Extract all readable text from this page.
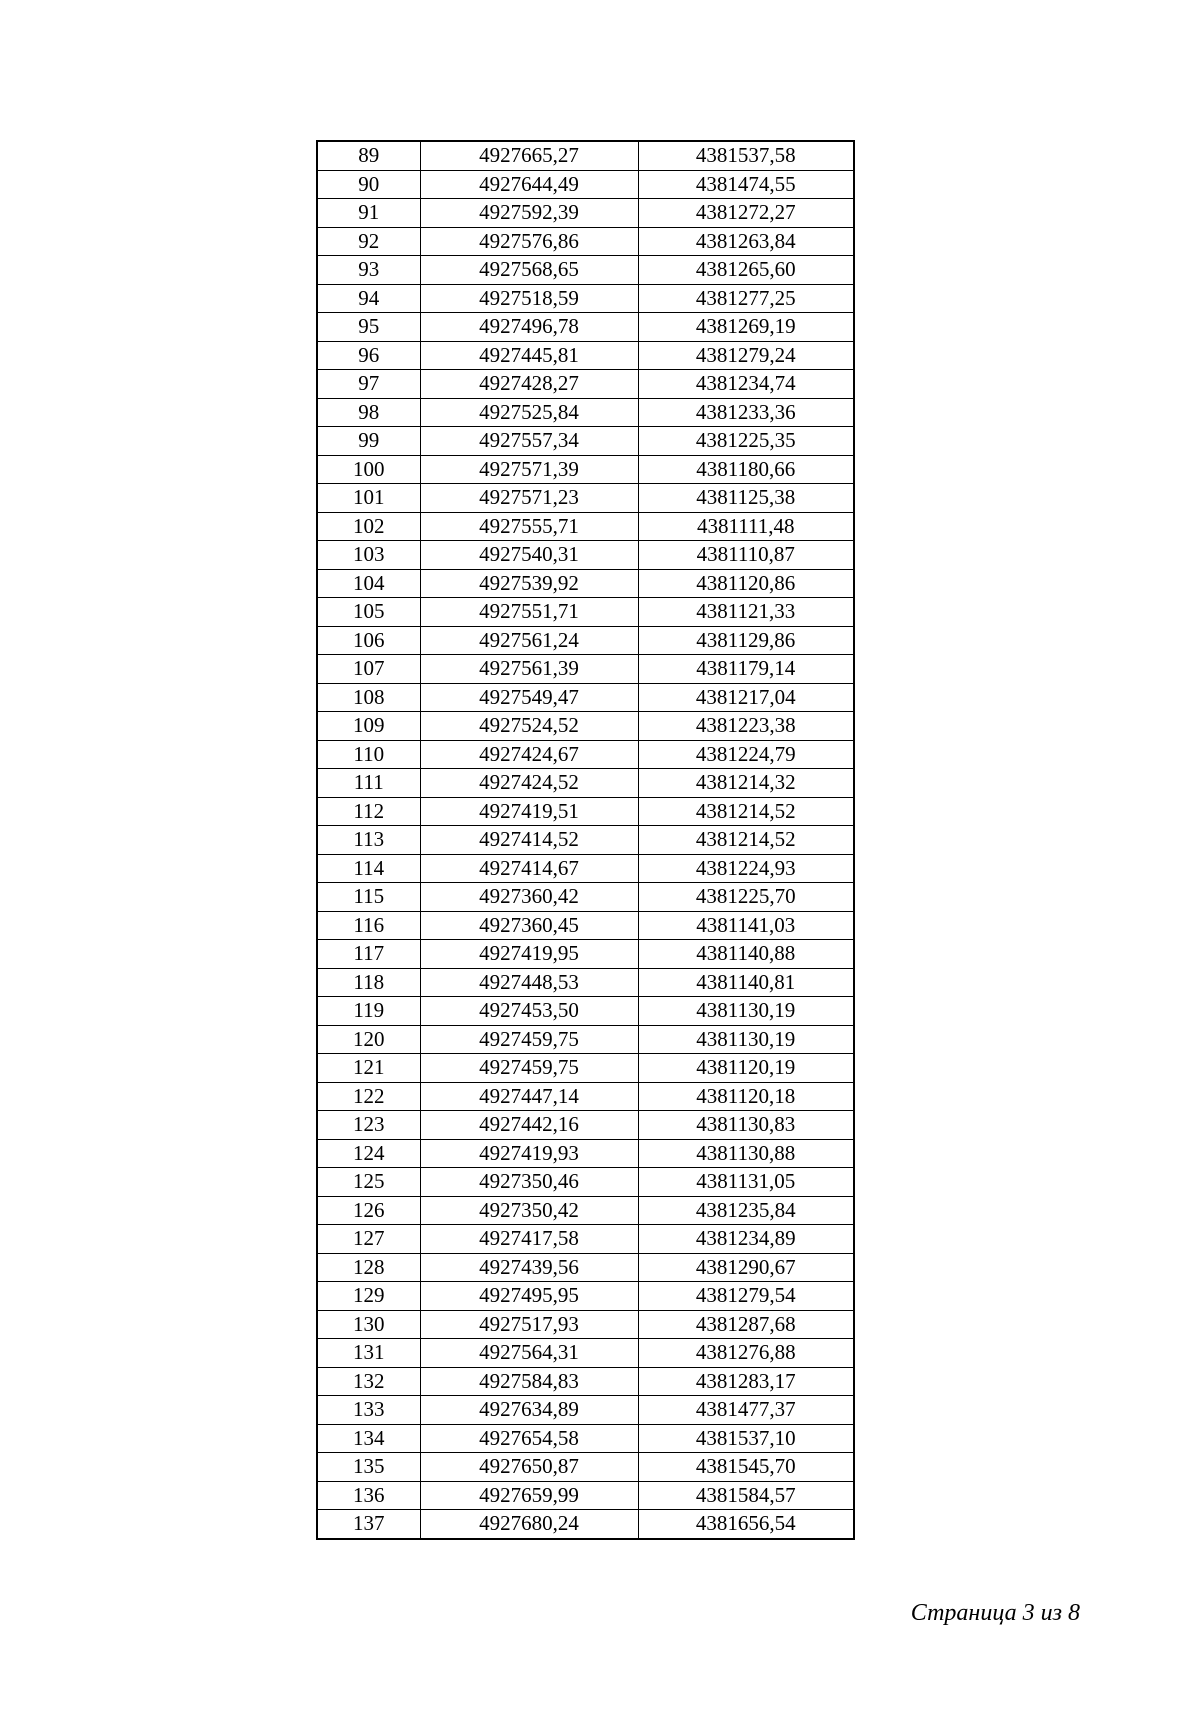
89	4927665,27	4381537,58
90	4927644,49	4381474,55
91	4927592,39	4381272,27
92	4927576,86	4381263,84
93	4927568,65	4381265,60
94	4927518,59	4381277,25
95	4927496,78	4381269,19
96	4927445,81	4381279,24
97	4927428,27	4381234,74
98	4927525,84	4381233,36
99	4927557,34	4381225,35
100	4927571,39	4381180,66
101	4927571,23	4381125,38
102	4927555,71	4381111,48
103	4927540,31	4381110,87
104	4927539,92	4381120,86
105	4927551,71	4381121,33
106	4927561,24	4381129,86
107	4927561,39	4381179,14
108	4927549,47	4381217,04
109	4927524,52	4381223,38
110	4927424,67	4381224,79
111	4927424,52	4381214,32
112	4927419,51	4381214,52
113	4927414,52	4381214,52
114	4927414,67	4381224,93
115	4927360,42	4381225,70
116	4927360,45	4381141,03
117	4927419,95	4381140,88
118	4927448,53	4381140,81
119	4927453,50	4381130,19
120	4927459,75	4381130,19
121	4927459,75	4381120,19
122	4927447,14	4381120,18
123	4927442,16	4381130,83
124	4927419,93	4381130,88
125	4927350,46	4381131,05
126	4927350,42	4381235,84
127	4927417,58	4381234,89
128	4927439,56	4381290,67
129	4927495,95	4381279,54
130	4927517,93	4381287,68
131	4927564,31	4381276,88
132	4927584,83	4381283,17
133	4927634,89	4381477,37
134	4927654,58	4381537,10
135	4927650,87	4381545,70
136	4927659,99	4381584,57
137	4927680,24	4381656,54
Страница 3 из 8
